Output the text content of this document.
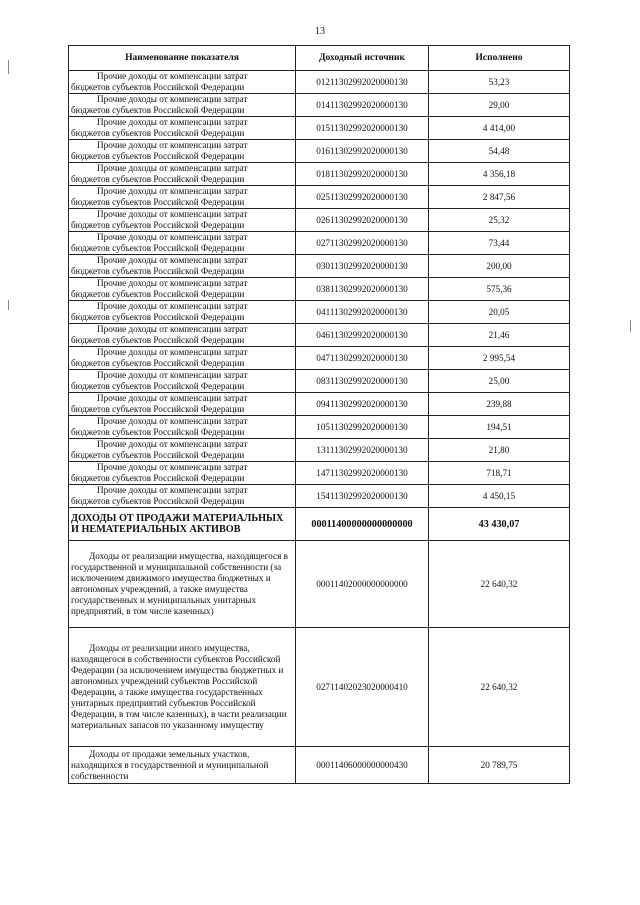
13
Наименование показателя	Доходный источник	Исполнено

Прочие доходы от компенсации затрат
бюджетов субъектов Российской Федерации	01211302992020000130	53,23

Прочие доходы от компенсации затрат
бюджетов субъектов Российской Федерации	01411302992020000130	29,00

Прочие доходы от компенсации затрат
бюджетов субъектов Российской Федерации	01511302992020000130	4 414,00

Прочие доходы от компенсации затрат
бюджетов субъектов Российской Федерации	01611302992020000130	54,48

Прочие доходы от компенсации затрат
бюджетов субъектов Российской Федерации	01811302992020000130	4 356,18

Прочие доходы от компенсации затрат
бюджетов субъектов Российской Федерации	02511302992020000130	2 847,56

Прочие доходы от компенсации затрат
бюджетов субъектов Российской Федерации	02611302992020000130	25,32

Прочие доходы от компенсации затрат
бюджетов субъектов Российской Федерации	02711302992020000130	73,44

Прочие доходы от компенсации затрат
бюджетов субъектов Российской Федерации	03011302992020000130	200,00

Прочие доходы от компенсации затрат
бюджетов субъектов Российской Федерации	03811302992020000130	575,36

Прочие доходы от компенсации затрат
бюджетов субъектов Российской Федерации	04111302992020000130	20,05

Прочие доходы от компенсации затрат
бюджетов субъектов Российской Федерации	04611302992020000130	21,46

Прочие доходы от компенсации затрат
бюджетов субъектов Российской Федерации	04711302992020000130	2 995,54

Прочие доходы от компенсации затрат
бюджетов субъектов Российской Федерации	08311302992020000130	25,00

Прочие доходы от компенсации затрат
бюджетов субъектов Российской Федерации	09411302992020000130	239,88

Прочие доходы от компенсации затрат
бюджетов субъектов Российской Федерации	10511302992020000130	194,51

Прочие доходы от компенсации затрат
бюджетов субъектов Российской Федерации	13111302992020000130	21,80

Прочие доходы от компенсации затрат
бюджетов субъектов Российской Федерации	14711302992020000130	718,71

Прочие доходы от компенсации затрат
бюджетов субъектов Российской Федерации	15411302992020000130	4 450,15
ДОХОДЫ ОТ ПРОДАЖИ МАТЕРИАЛЬНЫХ И НЕМАТЕРИАЛЬНЫХ АКТИВОВ	00011400000000000000	43 430,07
Доходы от реализации имущества, находящегося в государственной и муниципальной собственности (за исключением движимого имущества бюджетных и автономных учреждений, а также имущества государственных и муниципальных унитарных предприятий, в том числе казенных)	00011402000000000000	22 640,32
Доходы от реализации иного имущества, находящегося в собственности субъектов Российской Федерации (за исключением имущества бюджетных и автономных учреждений субъектов Российской Федерации, а также имущества государственных унитарных предприятий субъектов Российской Федерации, в том числе казенных), в части реализации материальных запасов по указанному имуществу	02711402023020000410	22 640,32
Доходы от продажи земельных участков, находящихся в государственной и муниципальной собственности	00011406000000000430	20 789,75
